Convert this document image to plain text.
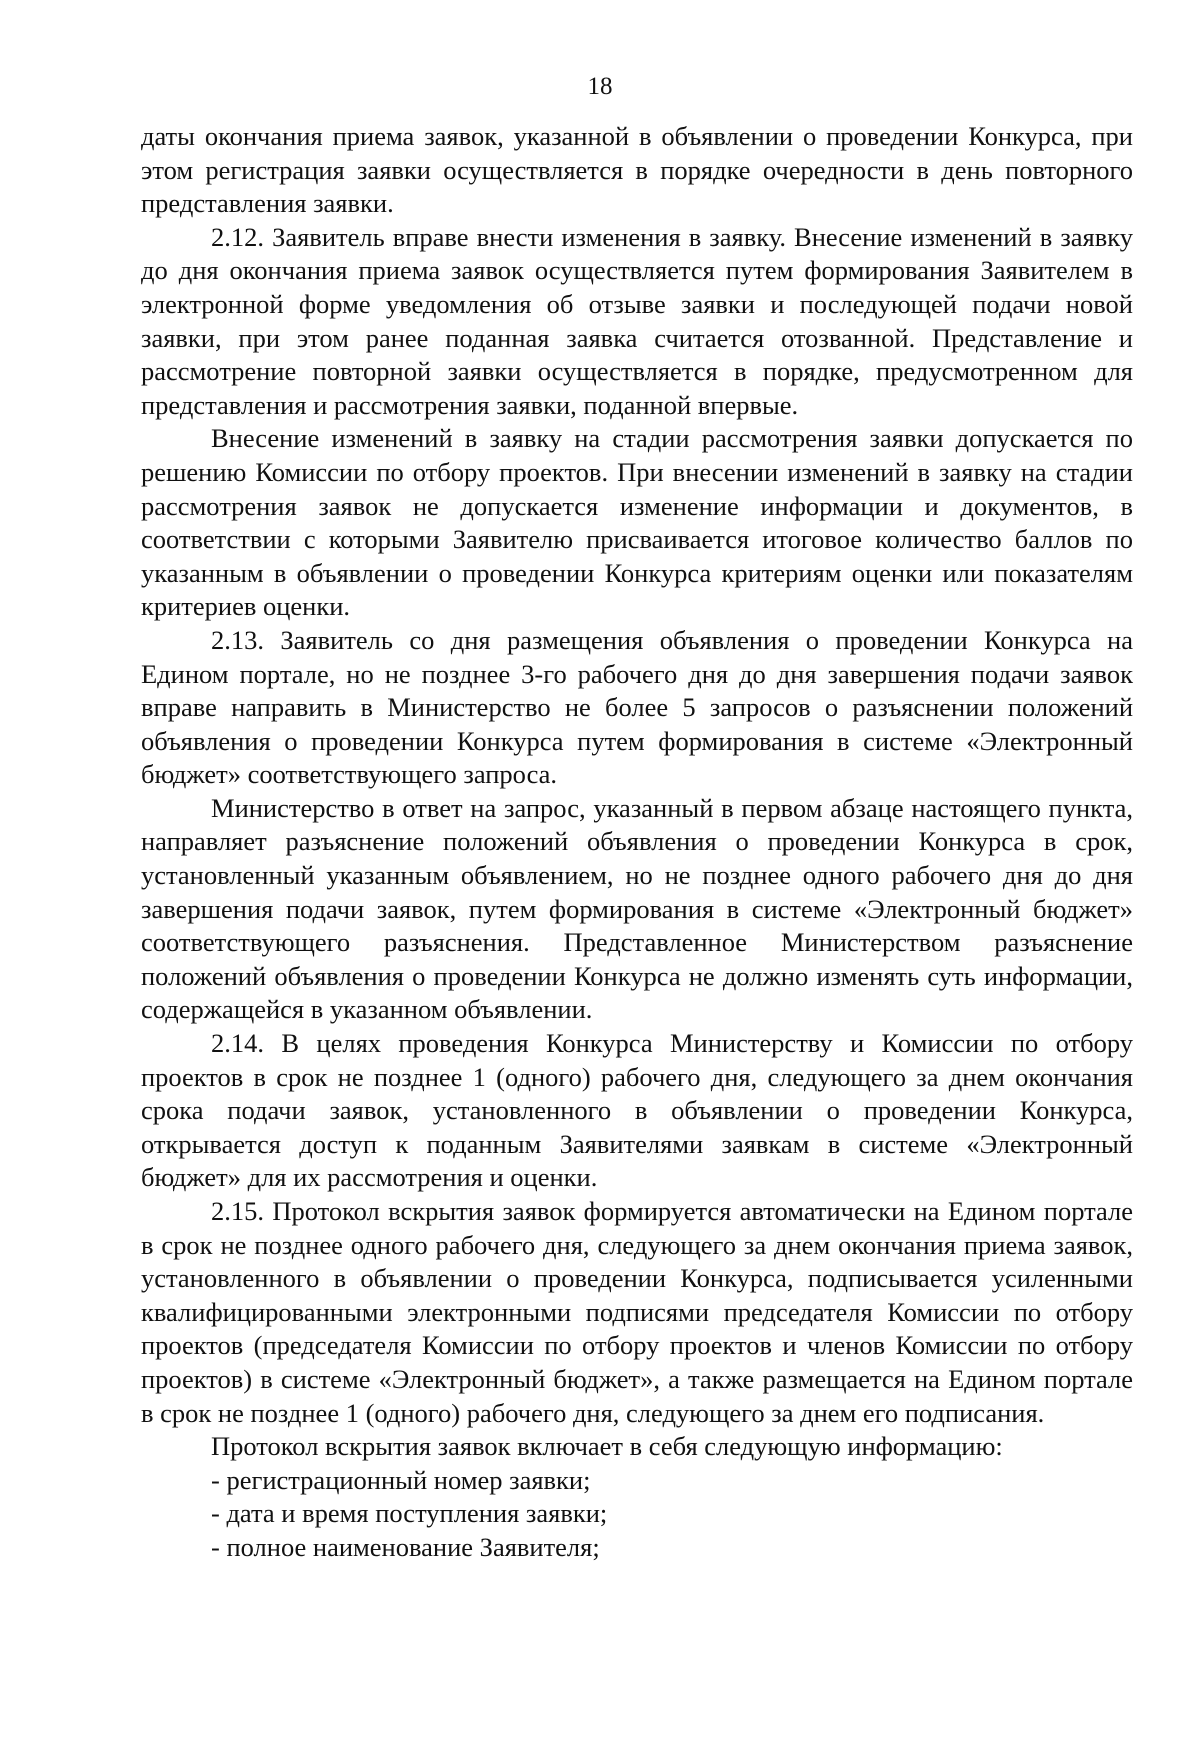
18

даты окончания приема заявок, указанной в объявлении о проведении Конкурса, при этом регистрация заявки осуществляется в порядке очередности в день повторного представления заявки.

2.12. Заявитель вправе внести изменения в заявку. Внесение изменений в заявку до дня окончания приема заявок осуществляется путем формирования Заявителем в электронной форме уведомления об отзыве заявки и последующей подачи новой заявки, при этом ранее поданная заявка считается отозванной. Представление и рассмотрение повторной заявки осуществляется в порядке, предусмотренном для представления и рассмотрения заявки, поданной впервые.

Внесение изменений в заявку на стадии рассмотрения заявки допускается по решению Комиссии по отбору проектов. При внесении изменений в заявку на стадии рассмотрения заявок не допускается изменение информации и документов, в соответствии с которыми Заявителю присваивается итоговое количество баллов по указанным в объявлении о проведении Конкурса критериям оценки или показателям критериев оценки.

2.13. Заявитель со дня размещения объявления о проведении Конкурса на Едином портале, но не позднее 3-го рабочего дня до дня завершения подачи заявок вправе направить в Министерство не более 5 запросов о разъяснении положений объявления о проведении Конкурса путем формирования в системе «Электронный бюджет» соответствующего запроса.

Министерство в ответ на запрос, указанный в первом абзаце настоящего пункта, направляет разъяснение положений объявления о проведении Конкурса в срок, установленный указанным объявлением, но не позднее одного рабочего дня до дня завершения подачи заявок, путем формирования в системе «Электронный бюджет» соответствующего разъяснения. Представленное Министерством разъяснение положений объявления о проведении Конкурса не должно изменять суть информации, содержащейся в указанном объявлении.

2.14. В целях проведения Конкурса Министерству и Комиссии по отбору проектов в срок не позднее 1 (одного) рабочего дня, следующего за днем окончания срока подачи заявок, установленного в объявлении о проведении Конкурса, открывается доступ к поданным Заявителями заявкам в системе «Электронный бюджет» для их рассмотрения и оценки.

2.15. Протокол вскрытия заявок формируется автоматически на Едином портале в срок не позднее одного рабочего дня, следующего за днем окончания приема заявок, установленного в объявлении о проведении Конкурса, подписывается усиленными квалифицированными электронными подписями председателя Комиссии по отбору проектов (председателя Комиссии по отбору проектов и членов Комиссии по отбору проектов) в системе «Электронный бюджет», а также размещается на Едином портале в срок не позднее 1 (одного) рабочего дня, следующего за днем его подписания.

Протокол вскрытия заявок включает в себя следующую информацию:

- регистрационный номер заявки;

- дата и время поступления заявки;

- полное наименование Заявителя;
